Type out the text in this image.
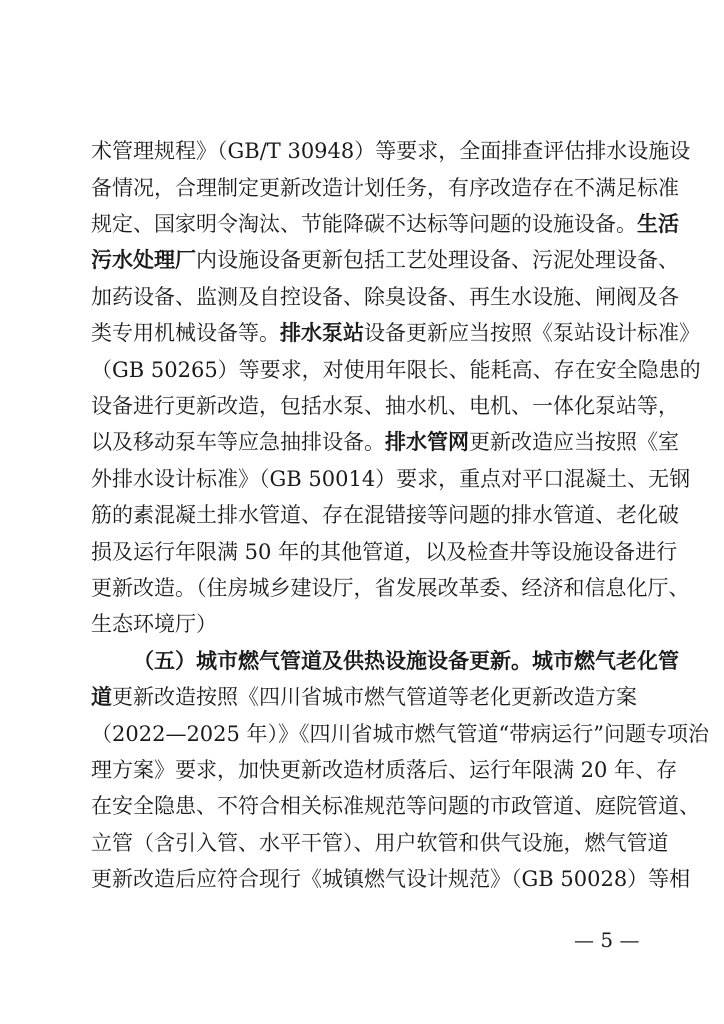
术管理规程》（GB/T 30948）等要求，全面排查评估排水设施设
备情况，合理制定更新改造计划任务，有序改造存在不满足标准
规定、国家明令淘汰、节能降碳不达标等问题的设施设备。生活
污水处理厂内设施设备更新包括工艺处理设备、污泥处理设备、
加药设备、监测及自控设备、除臭设备、再生水设施、闸阀及各
类专用机械设备等。排水泵站设备更新应当按照《泵站设计标准》
（GB 50265）等要求，对使用年限长、能耗高、存在安全隐患的
设备进行更新改造，包括水泵、抽水机、电机、一体化泵站等，
以及移动泵车等应急抽排设备。排水管网更新改造应当按照《室
外排水设计标准》（GB 50014）要求，重点对平口混凝土、无钢
筋的素混凝土排水管道、存在混错接等问题的排水管道、老化破
损及运行年限满 50 年的其他管道，以及检查井等设施设备进行
更新改造。（住房城乡建设厅，省发展改革委、经济和信息化厅、
生态环境厅）
（五）城市燃气管道及供热设施设备更新。城市燃气老化管
道更新改造按照《四川省城市燃气管道等老化更新改造方案
（2022—2025 年）》《四川省城市燃气管道“带病运行”问题专项治
理方案》要求，加快更新改造材质落后、运行年限满 20 年、存
在安全隐患、不符合相关标准规范等问题的市政管道、庭院管道、
立管（含引入管、水平干管）、用户软管和供气设施，燃气管道
更新改造后应符合现行《城镇燃气设计规范》（GB 50028）等相
— 5 —
